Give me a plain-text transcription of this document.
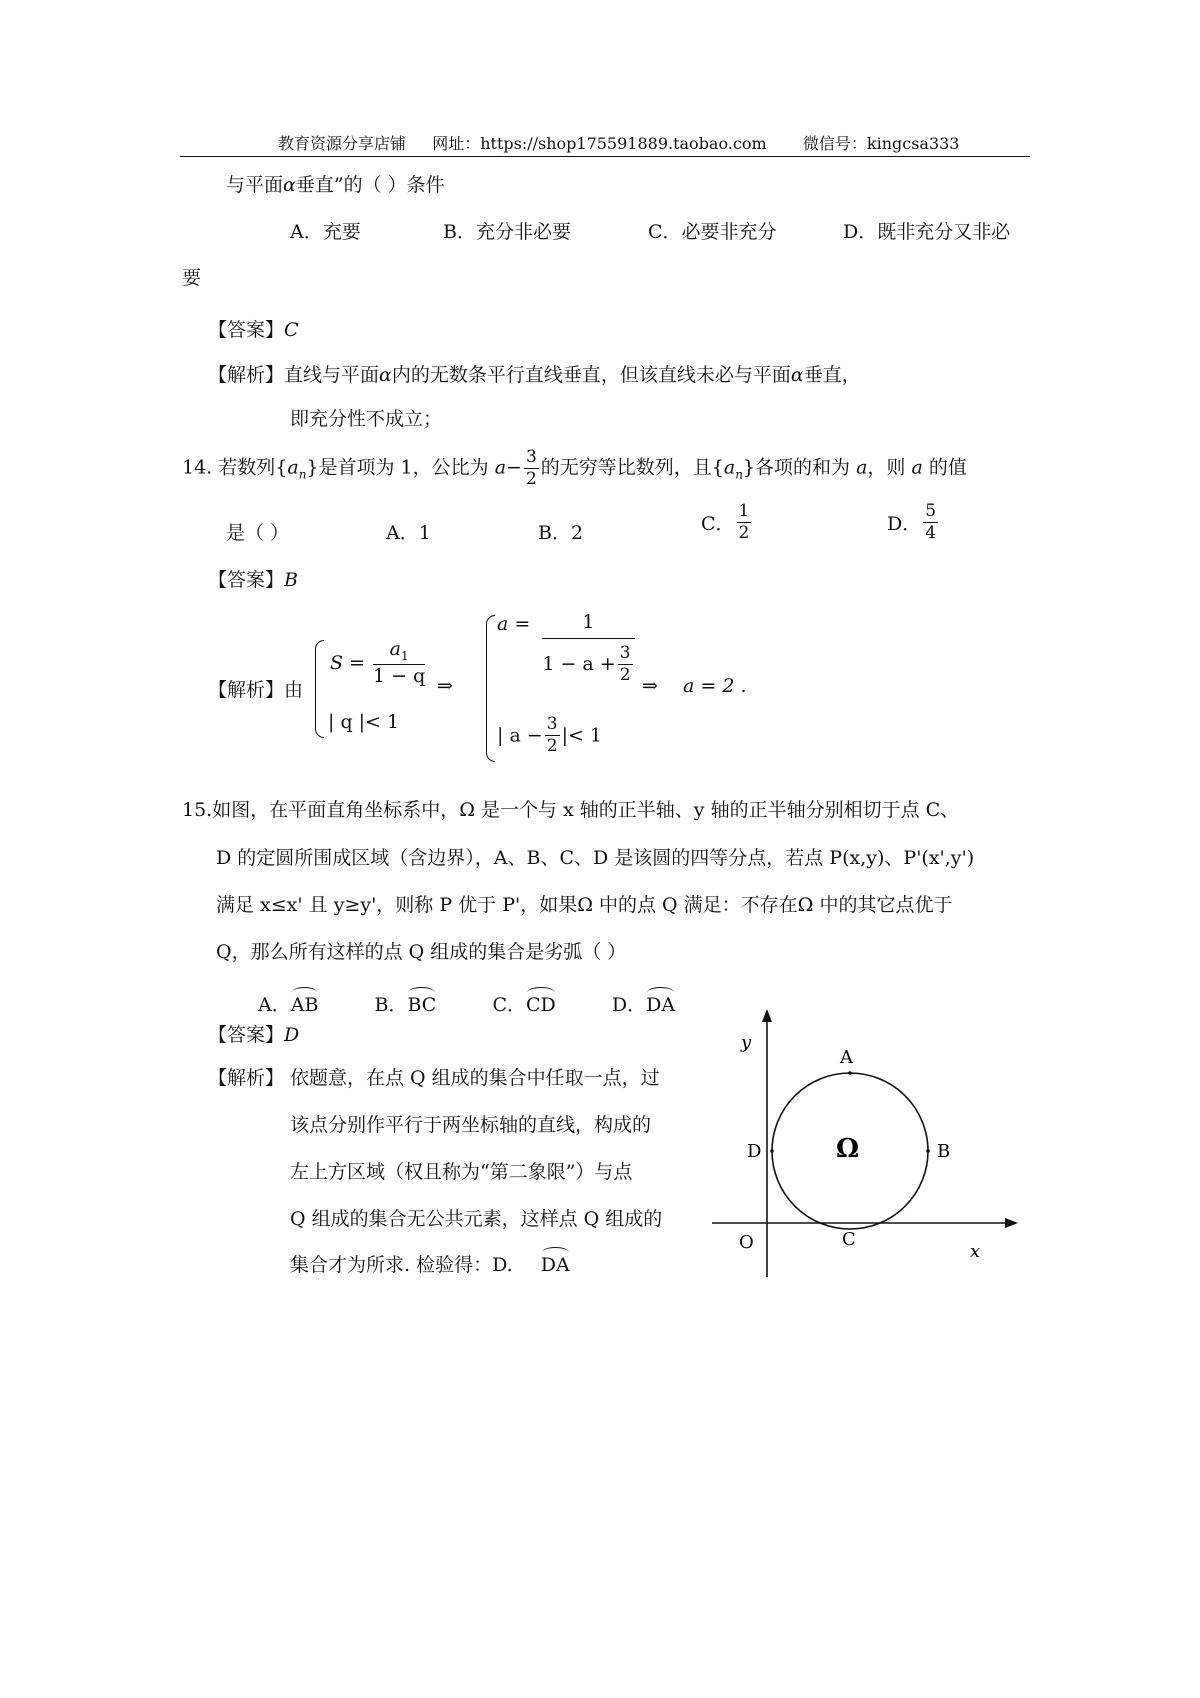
教育资源分享店铺 网址：https://shop175591889.taobao.com 微信号：kingcsa333
与平面α垂直”的（ ）条件
A．充要	B．充分非必要	C．必要非充分	D．既非充分又非必
要
【答案】C
【解析】直线与平面α内的无数条平行直线垂直，但该直线未必与平面α垂直，
即充分性不成立；
14. 若数列$\{a_n\}$是首项为 1，公比为 $a- \frac{3}{2}$ 的无穷等比数列，且$\{a_n\}$各项的和为 a，则 a 的值
是（ ）	A．1	B．2	C． $\frac{1}{2}$	D． $\frac{5}{4}$
【答案】B
【解析】由
$S = \frac{a_1}{1 - q}$
| q |< 1
⇒
$a = \frac{1}{1 - a + \frac{3}{2}}$
| $a - \frac{3}{2}$ |< 1
⇒ a = 2 .
15.如图，在平面直角坐标系中，Ω 是一个与 x 轴的正半轴、y 轴的正半轴分别相切于点 C、
D 的定圆所围成区域（含边界），A、B、C、D 是该圆的四等分点，若点 P(x,y)、P'(x',y')
满足 x≤x' 且 y≥y'，则称 P 优于 P'，如果Ω 中的点 Q 满足：不存在Ω 中的其它点优于
Q，那么所有这样的点 Q 组成的集合是劣弧（ ）
A．AB	B．BC	C．CD	D．DA
【答案】D
【解析】 依题意，在点 Q 组成的集合中任取一点，过
该点分别作平行于两坐标轴的直线，构成的
左上方区域（权且称为“第二象限”）与点
Q 组成的集合无公共元素，这样点 Q 组成的
集合才为所求. 检验得：D. DA
y
x
O
A
B
C
D	Ω
